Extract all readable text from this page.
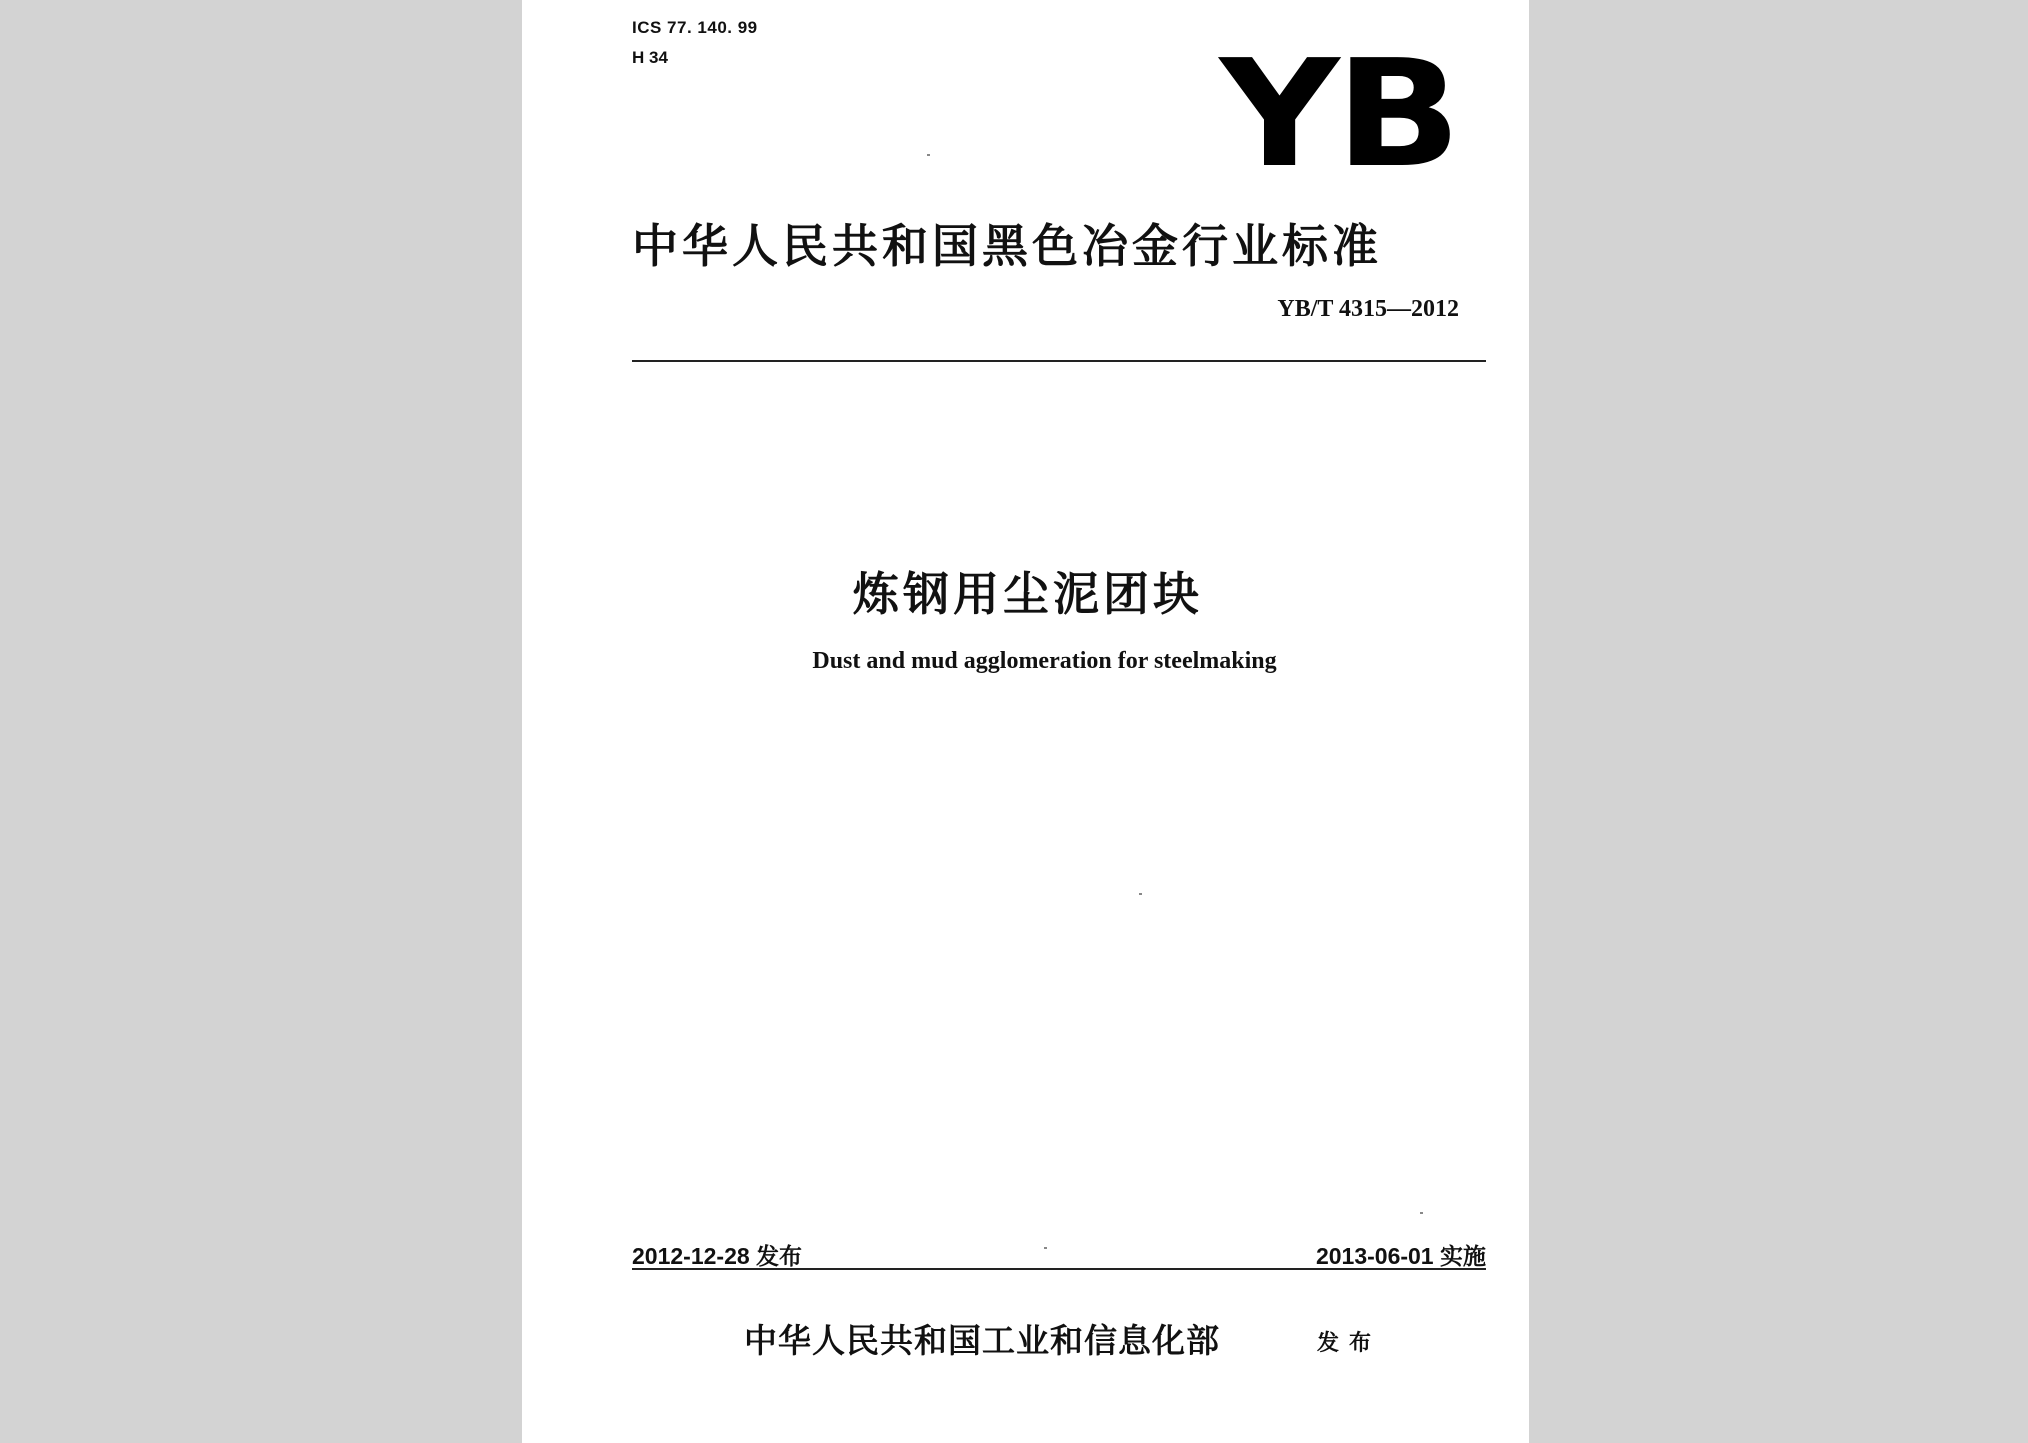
ICS 77. 140. 99

H 34	YB

中华人民共和国黑色冶金行业标准

YB/T 4315—2012

炼钢用尘泥团块

Dust and mud agglomeration for steelmaking

2012-12-28 发布	2013-06-01 实施

中华人民共和国工业和信息化部	发布
